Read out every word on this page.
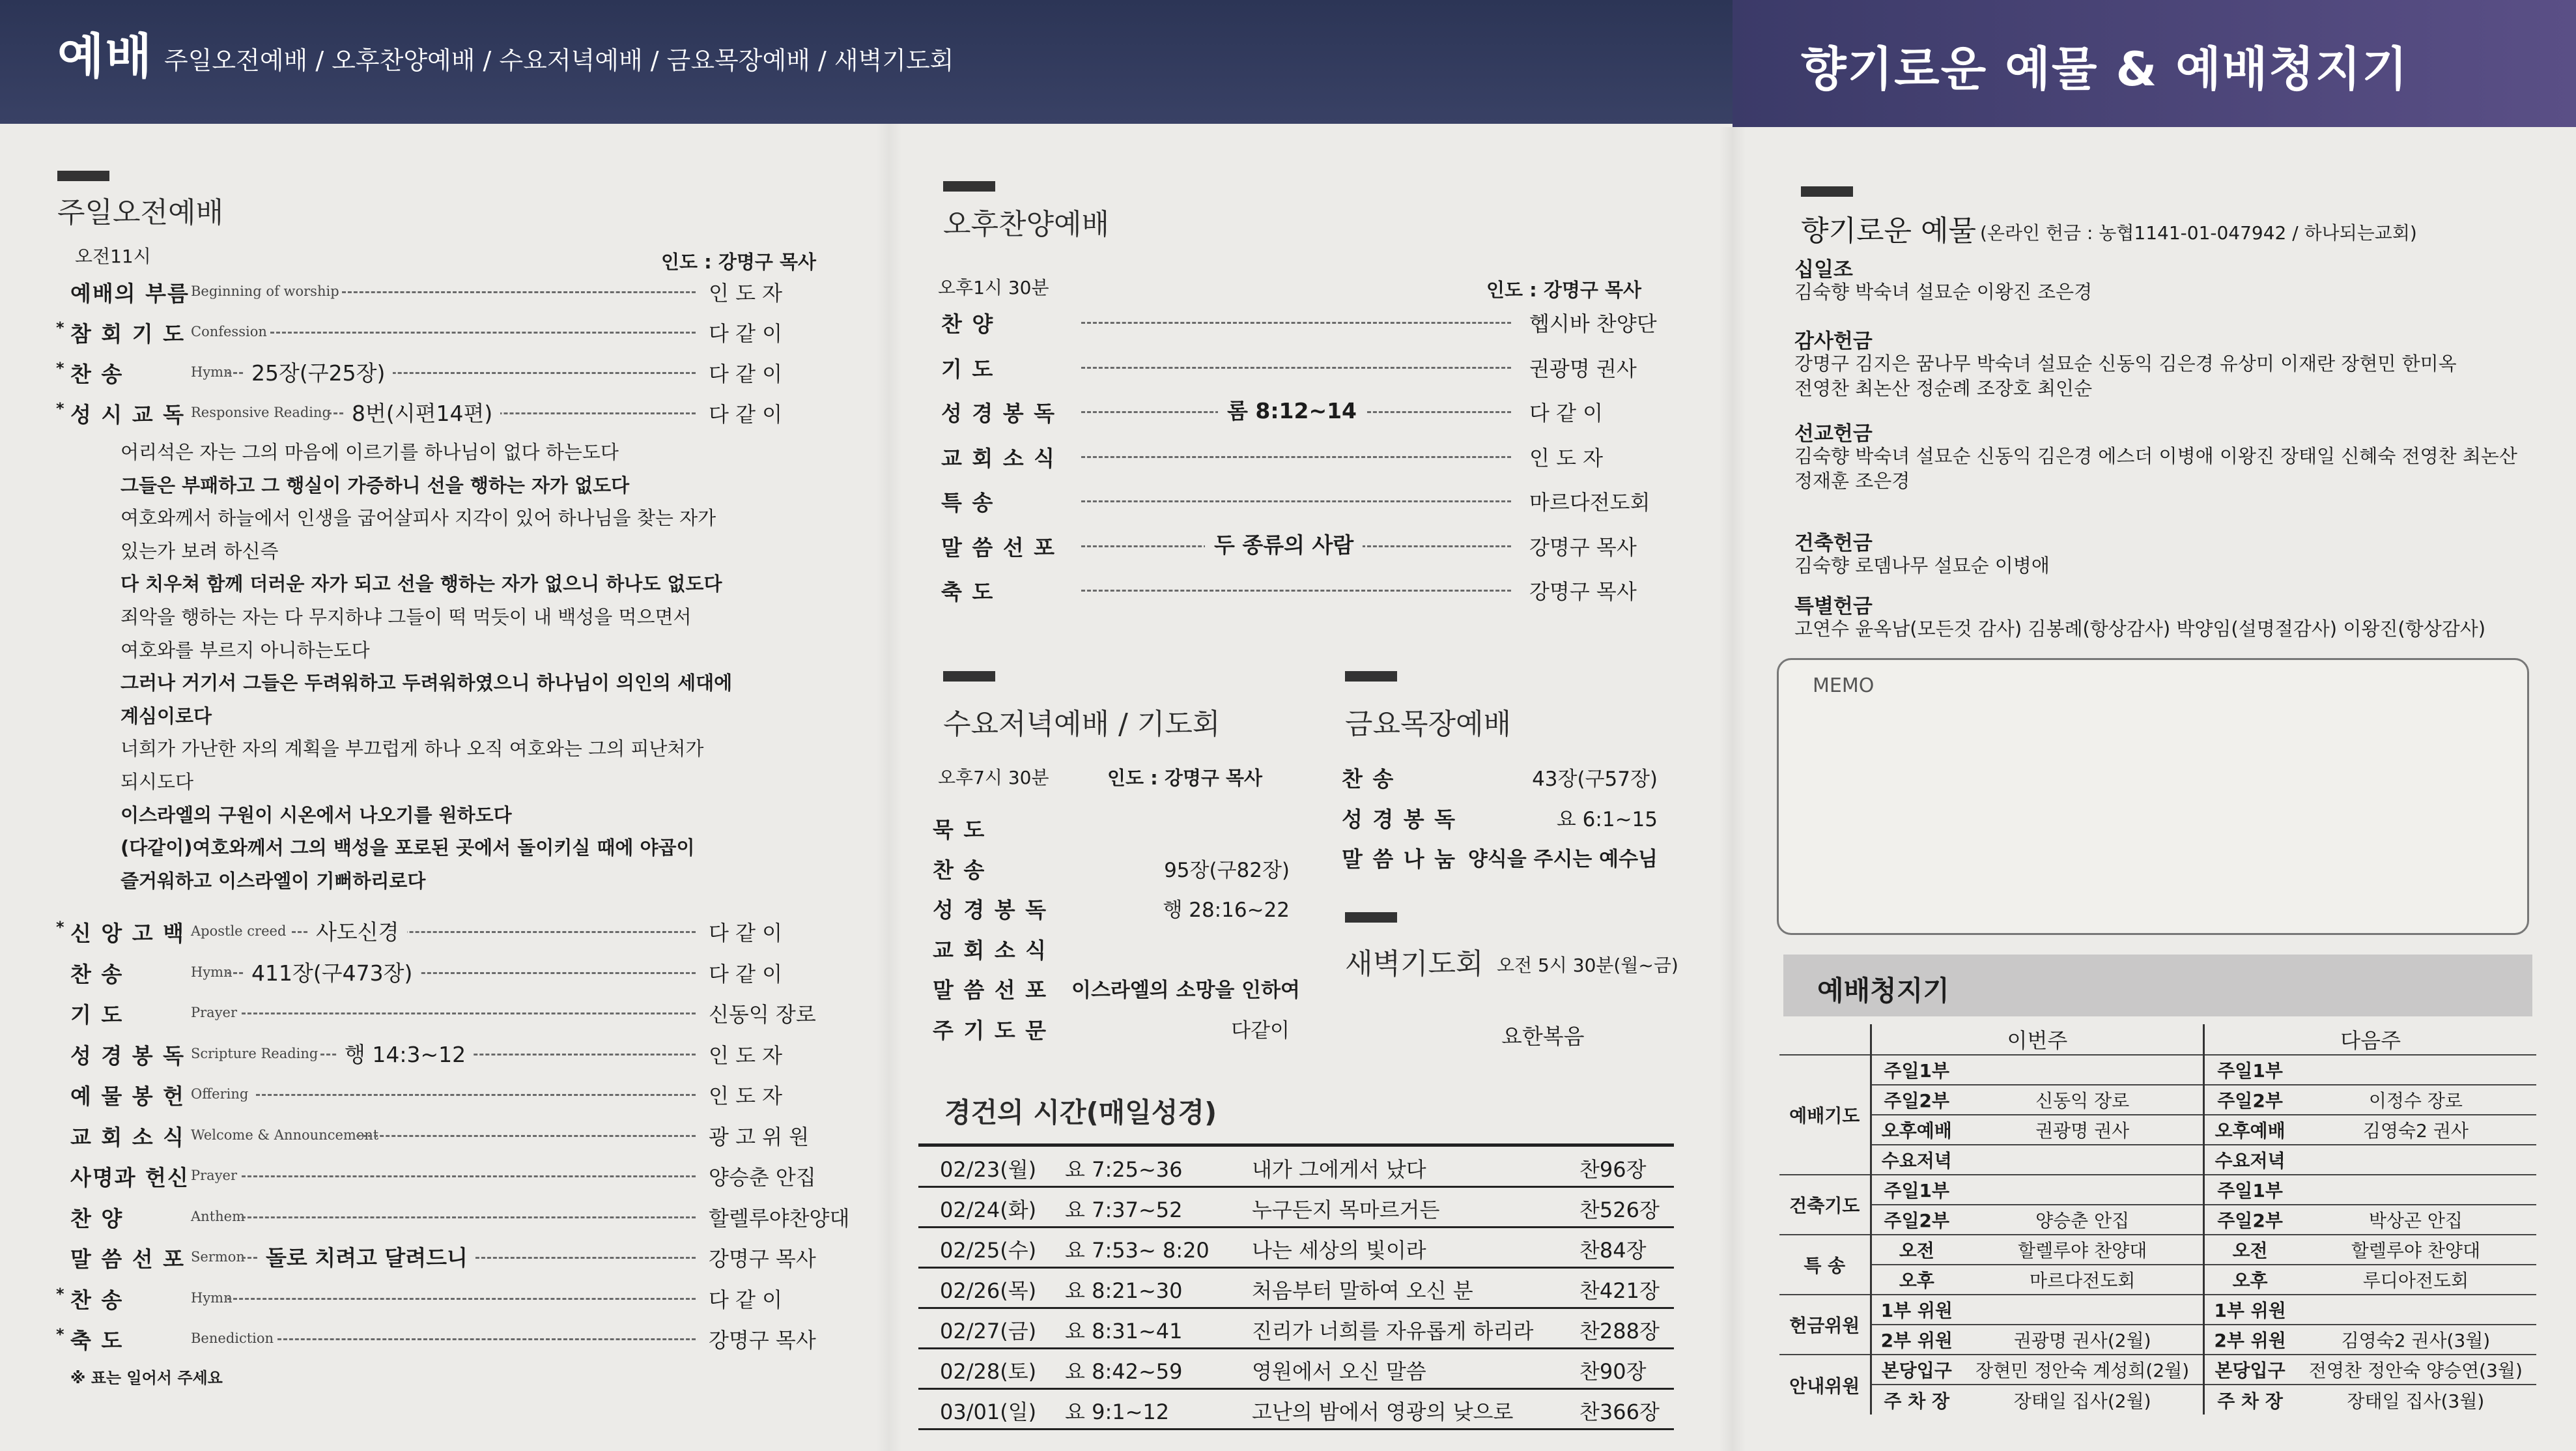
예배 주일오전예배 / 오후찬양예배 / 수요저녁예배 / 금요목장예배 / 새벽기도회	향기로운 예물 & 예배청지기
주일오전예배
오전11시	인도 : 강명구 목사
예배의 부름 Beginning of worship	인 도 자
* 참 회 기 도 Confession	다 같 이
* 찬 송	Hymn 25장(구25장)	다 같 이
* 성 시 교 독 Responsive Reading 8번(시편14편)	다 같 이
어리석은 자는 그의 마음에 이르기를 하나님이 없다 하는도다
그들은 부패하고 그 행실이 가증하니 선을 행하는 자가 없도다
여호와께서 하늘에서 인생을 굽어살피사 지각이 있어 하나님을 찾는 자가
있는가 보려 하신즉
다 치우쳐 함께 더러운 자가 되고 선을 행하는 자가 없으니 하나도 없도다
죄악을 행하는 자는 다 무지하냐 그들이 떡 먹듯이 내 백성을 먹으면서
여호와를 부르지 아니하는도다
그러나 거기서 그들은 두려워하고 두려워하였으니 하나님이 의인의 세대에
계심이로다
너희가 가난한 자의 계획을 부끄럽게 하나 오직 여호와는 그의 피난처가
되시도다
이스라엘의 구원이 시온에서 나오기를 원하도다
(다같이)여호와께서 그의 백성을 포로된 곳에서 돌이키실 때에 야곱이
즐거워하고 이스라엘이 기뻐하리로다
* 신 앙 고 백 Apostle creed	사도신경	다 같 이
찬 송	Hymn 411장(구473장)	다 같 이
기 도	Prayer	신동익 장로
성 경 봉 독 Scripture Reading	행 14:3~12	인 도 자
예 물 봉 헌 Offering	인 도 자
교 회 소 식 Welcome & Announcement	광 고 위 원
사명과 헌신 Prayer	양승춘 안집
찬 양	Anthem	할렐루야찬양대
말 씀 선 포 Sermon 돌로 치려고 달려드니	강명구 목사
* 찬 송	Hymn	다 같 이
* 축 도	Benediction	강명구 목사
※ 표는 일어서 주세요
오후찬양예배
오후1시 30분	인도 : 강명구 목사
찬 양	헵시바 찬양단
기 도	권광명 권사
성 경 봉 독	롬 8:12~14	다 같 이
교 회 소 식	인 도 자
특 송	마르다전도회
말 씀 선 포	두 종류의 사람	강명구 목사
축 도	강명구 목사
수요저녁예배 / 기도회
오후7시 30분	인도 : 강명구 목사
묵 도
찬 송	95장(구82장)
성 경 봉 독	행 28:16~22
교 회 소 식
말 씀 선 포 이스라엘의 소망을 인하여
주 기 도 문	다같이
금요목장예배
찬 송	43장(구57장)
성 경 봉 독	요 6:1~15
말 씀 나 눔 양식을 주시는 예수님
새벽기도회 오전 5시 30분(월~금)
요한복음
경건의 시간(매일성경)
02/23(월) 요 7:25~36	내가 그에게서 났다	찬96장
02/24(화) 요 7:37~52	누구든지 목마르거든	찬526장
02/25(수) 요 7:53~ 8:20 나는 세상의 빛이라	찬84장
02/26(목) 요 8:21~30	처음부터 말하여 오신 분	찬421장
02/27(금) 요 8:31~41	진리가 너희를 자유롭게 하리라 찬288장
02/28(토) 요 8:42~59	영원에서 오신 말씀	찬90장
03/01(일) 요 9:1~12	고난의 밤에서 영광의 낮으로	찬366장
향기로운 예물 (온라인 헌금 : 농협1141-01-047942 / 하나되는교회)
십일조
김숙향 박숙녀 설묘순 이왕진 조은경
감사헌금
강명구 김지은 꿈나무 박숙녀 설묘순 신동익 김은경 유상미 이재란 장현민 한미옥
전영찬 최논산 정순례 조장호 최인순
선교헌금
김숙향 박숙녀 설묘순 신동익 김은경 에스더 이병애 이왕진 장태일 신혜숙 전영찬 최논산
정재훈 조은경
건축헌금
김숙향 로뎀나무 설묘순 이병애
특별헌금
고연수 윤옥남(모든것 감사) 김봉례(항상감사) 박양임(설명절감사) 이왕진(항상감사)
MEMO
예배청지기
	이번주		다음주	
예배기도	주일1부		주일1부	
	주일2부	신동익 장로	주일2부	이정수 장로
	오후예배	권광명 권사	오후예배	김영숙2 권사
	수요저녁		수요저녁	
건축기도	주일1부		주일1부	
	주일2부	양승춘 안집	주일2부	박상곤 안집
특 송	오전	할렐루야 찬양대	오전	할렐루야 찬양대
	오후	마르다전도회	오후	루디아전도회
헌금위원	1부 위원		1부 위원	
	2부 위원	권광명 권사(2월)	2부 위원	김영숙2 권사(3월)
안내위원	본당입구	장현민 정안숙 계성희(2월)	본당입구	전영찬 정안숙 양승연(3월)
	주 차 장	장태일 집사(2월)	주 차 장	장태일 집사(3월)
